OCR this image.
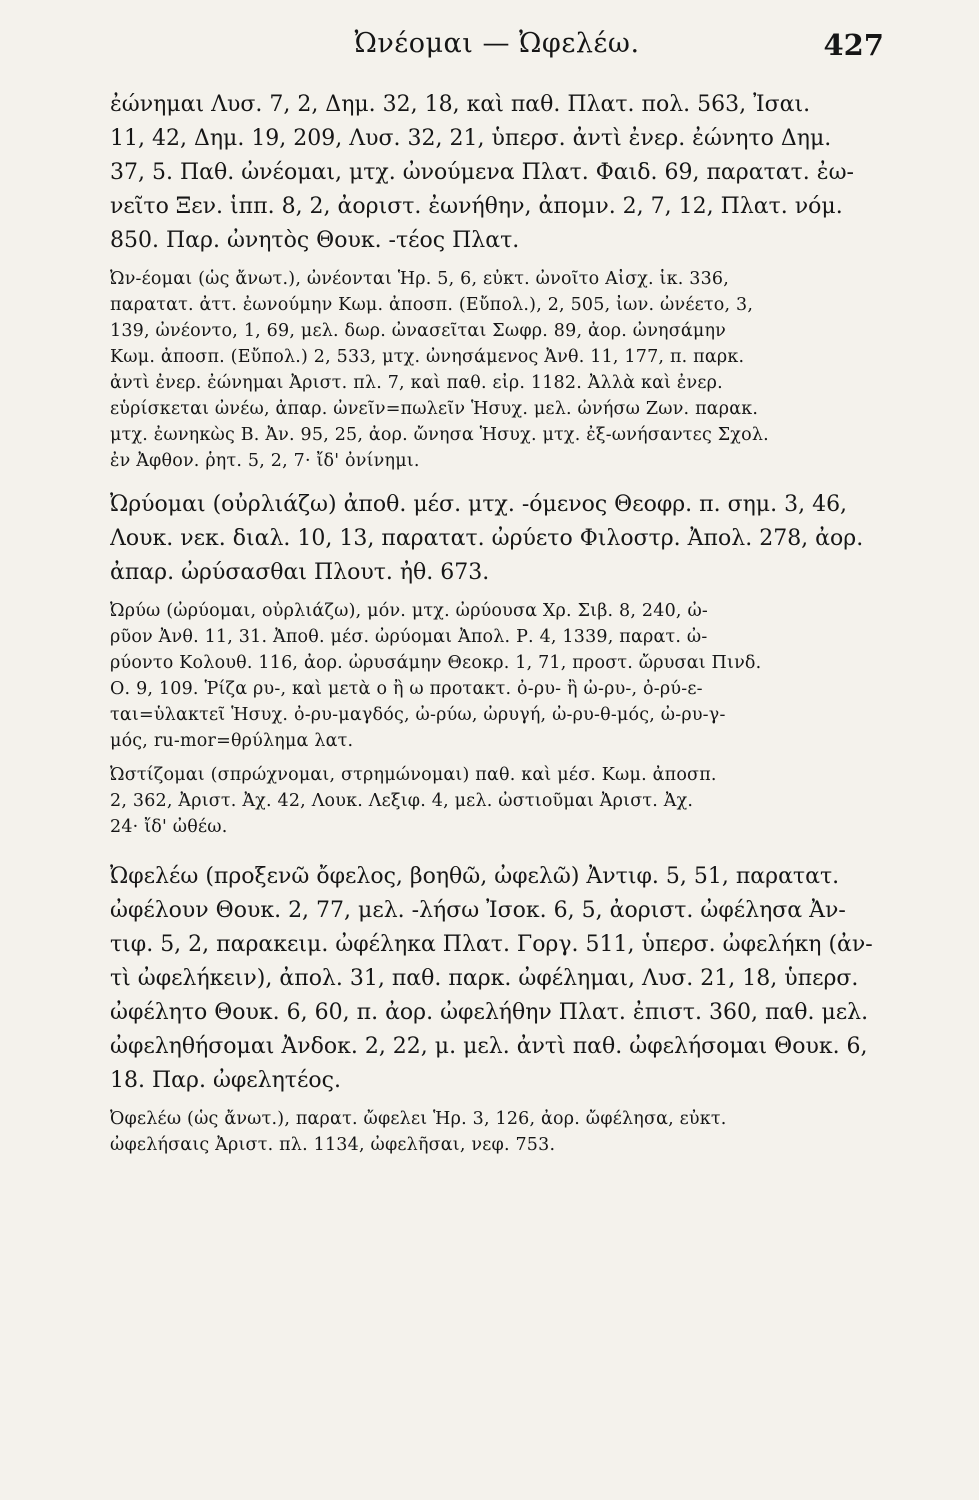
Ὠνέομαι — Ὠφελέω.	427
ἐώνημαι Λυσ. 7, 2, Δημ. 32, 18, καὶ παθ. Πλατ. πολ. 563, Ἰσαι.
11, 42, Δημ. 19, 209, Λυσ. 32, 21, ὑπερσ. ἀντὶ ἐνερ. ἐώνητο Δημ.
37, 5. Παθ. ὠνέομαι, μτχ. ὠνούμενα Πλατ. Φαιδ. 69, παρατατ. ἐω-
νεῖτο Ξεν. ἱππ. 8, 2, ἀοριστ. ἐωνήθην, ἀπομν. 2, 7, 12, Πλατ. νόμ.
850. Παρ. ὠνητὸς Θουκ. -τέος Πλατ.
Ὠν-έομαι (ὡς ἄνωτ.), ὠνέονται Ἡρ. 5, 6, εὐκτ. ὠνοῖτο Αἰσχ. ἱκ. 336,
παρατατ. ἀττ. ἐωνούμην Κωμ. ἀποσπ. (Εὔπολ.), 2, 505, ἰων. ὠνέετο, 3,
139, ὠνέοντο, 1, 69, μελ. δωρ. ὠνασεῖται Σωφρ. 89, ἀορ. ὠνησάμην
Κωμ. ἀποσπ. (Εὔπολ.) 2, 533, μτχ. ὠνησάμενος Ἀνθ. 11, 177, π. παρκ.
ἀντὶ ἐνερ. ἐώνημαι Ἀριστ. πλ. 7, καὶ παθ. εἰρ. 1182. Ἀλλὰ καὶ ἐνερ.
εὑρίσκεται ὠνέω, ἀπαρ. ὠνεῖν=πωλεῖν Ἡσυχ. μελ. ὠνήσω Ζων. παρακ.
μτχ. ἐωνηκὼς Β. Ἀν. 95, 25, ἀορ. ὤνησα Ἡσυχ. μτχ. ἐξ-ωνήσαντες Σχολ.
ἐν Ἀφθον. ῥητ. 5, 2, 7· ἴδ' ὀνίνημι.
Ὠρύομαι (οὐρλιάζω) ἀποθ. μέσ. μτχ. -όμενος Θεοφρ. π. σημ. 3, 46,
Λουκ. νεκ. διαλ. 10, 13, παρατατ. ὠρύετο Φιλοστρ. Ἀπολ. 278, ἀορ.
ἀπαρ. ὠρύσασθαι Πλουτ. ἠθ. 673.
Ὠρύω (ὠρύομαι, οὐρλιάζω), μόν. μτχ. ὠρύουσα Χρ. Σιβ. 8, 240, ὠ-
ρῦον Ἀνθ. 11, 31. Ἀποθ. μέσ. ὠρύομαι Ἀπολ. Ρ. 4, 1339, παρατ. ὠ-
ρύοντο Κολουθ. 116, ἀορ. ὠρυσάμην Θεοκρ. 1, 71, προστ. ὤρυσαι Πινδ.
Ο. 9, 109. Ῥίζα ρυ-, καὶ μετὰ ο ἢ ω προτακτ. ὀ-ρυ- ἢ ὠ-ρυ-, ὀ-ρύ-ε-
ται=ὑλακτεῖ Ἡσυχ. ὀ-ρυ-μαγδός, ὠ-ρύω, ὠρυγή, ὠ-ρυ-θ-μός, ὠ-ρυ-γ-
μός, ru-mor=θρύλημα λατ.
Ὠστίζομαι (σπρώχνομαι, στρημώνομαι) παθ. καὶ μέσ. Κωμ. ἀποσπ.
2, 362, Ἀριστ. Ἀχ. 42, Λουκ. Λεξιφ. 4, μελ. ὠστιοῦμαι Ἀριστ. Ἀχ.
24· ἴδ' ὠθέω.
Ὠφελέω (προξενῶ ὄφελος, βοηθῶ, ὠφελῶ) Ἀντιφ. 5, 51, παρατατ.
ὠφέλουν Θουκ. 2, 77, μελ. -λήσω Ἰσοκ. 6, 5, ἀοριστ. ὠφέλησα Ἀν-
τιφ. 5, 2, παρακειμ. ὠφέληκα Πλατ. Γοργ. 511, ὑπερσ. ὠφελήκη (ἀν-
τὶ ὠφελήκειν), ἀπολ. 31, παθ. παρκ. ὠφέλημαι, Λυσ. 21, 18, ὑπερσ.
ὠφέλητο Θουκ. 6, 60, π. ἀορ. ὠφελήθην Πλατ. ἐπιστ. 360, παθ. μελ.
ὠφεληθήσομαι Ἀνδοκ. 2, 22, μ. μελ. ἀντὶ παθ. ὠφελήσομαι Θουκ. 6,
18. Παρ. ὠφελητέος.
Ὀφελέω (ὡς ἄνωτ.), παρατ. ὤφελει Ἡρ. 3, 126, ἀορ. ὤφέλησα, εὐκτ.
ὠφελήσαις Ἀριστ. πλ. 1134, ὠφελῆσαι, νεφ. 753.
